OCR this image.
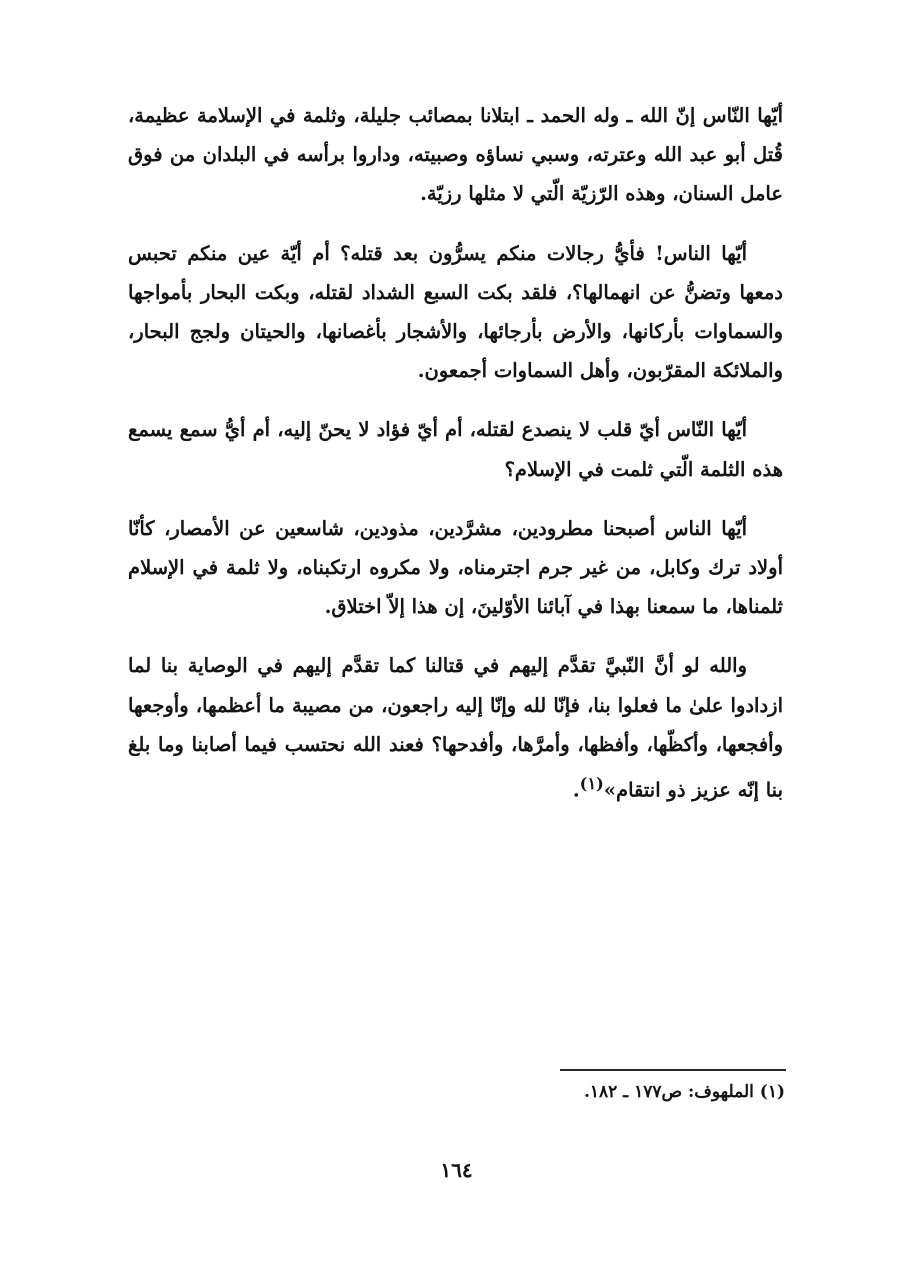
أيّها النّاس إنّ الله ـ وله الحمد ـ ابتلانا بمصائب جليلة، وثلمة في الإسلامة عظيمة، قُتل أبو عبد الله وعترته، وسبي نساؤه وصبيته، وداروا برأسه في البلدان من فوق عامل السنان، وهذه الرّزيّة الّتي لا مثلها رزيّة.

أيّها الناس! فأيُّ رجالات منكم يسرُّون بعد قتله؟ أم أيّة عين منكم تحبس دمعها وتضنُّ عن انهمالها؟، فلقد بكت السبع الشداد لقتله، وبكت البحار بأمواجها والسماوات بأركانها، والأرض بأرجائها، والأشجار بأغصانها، والحيتان ولجج البحار، والملائكة المقرّبون، وأهل السماوات أجمعون.

أيّها النّاس أيّ قلب لا ينصدع لقتله، أم أيّ فؤاد لا يحنّ إليه، أم أيُّ سمع يسمع هذه الثلمة الّتي ثلمت في الإسلام؟

أيّها الناس أصبحنا مطرودين، مشرَّدين، مذودين، شاسعين عن الأمصار، كأنّا أولاد ترك وكابل، من غير جرم اجترمناه، ولا مكروه ارتكبناه، ولا ثلمة في الإسلام ثلمناها، ما سمعنا بهذا في آبائنا الأوّلينَ، إن هذا إلاّ اختلاق.

والله لو أنَّ النّبيَّ تقدَّم إليهم في قتالنا كما تقدَّم إليهم في الوصاية بنا لما ازدادوا علىٰ ما فعلوا بنا، فإنّا لله وإنّا إليه راجعون، من مصيبة ما أعظمها، وأوجعها وأفجعها، وأكظّها، وأفظها، وأمرَّها، وأفدحها؟ فعند الله نحتسب فيما أصابنا وما بلغ بنا إنّه عزيز ذو انتقام»$^{(١)}$.

(١) الملهوف: ص١٧٧ ـ ١٨٢.
١٦٤
